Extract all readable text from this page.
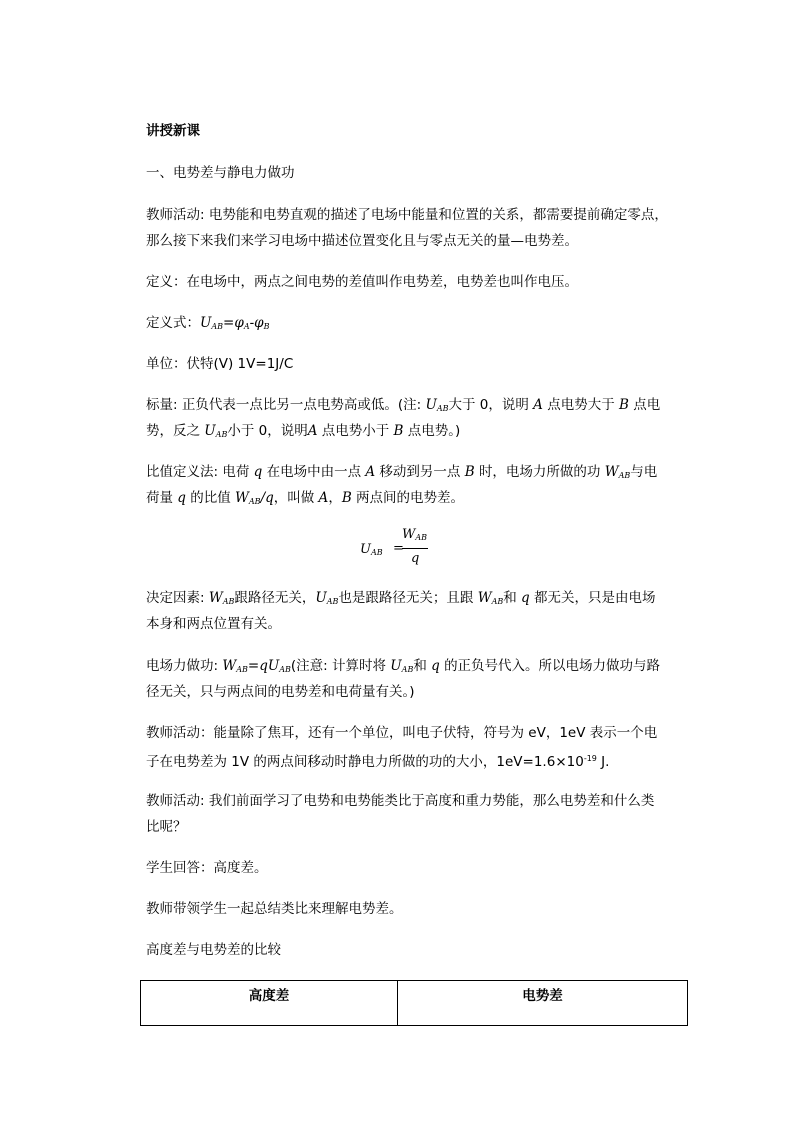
讲授新课
一、电势差与静电力做功
教师活动: 电势能和电势直观的描述了电场中能量和位置的关系，都需要提前确定零点，
那么接下来我们来学习电场中描述位置变化且与零点无关的量—电势差。
定义：在电场中，两点之间电势的差值叫作电势差，电势差也叫作电压。
定义式：$U_{AB}=\varphi_A-\varphi_B$
单位：伏特(V) 1V=1J/C
标量: 正负代表一点比另一点电势高或低。(注: $U_{AB}$大于 0，说明 A 点电势大于 B 点电
势，反之 $U_{AB}$小于 0，说明A 点电势小于 B 点电势。)
比值定义法: 电荷 q 在电场中由一点 A 移动到另一点 B 时，电场力所做的功 $W_{AB}$与电
荷量 q 的比值 $W_{AB}/q$，叫做 A，B 两点间的电势差。
$U_{AB}$ =
$W_{AB}$
q
决定因素: $W_{AB}$跟路径无关，$U_{AB}$也是跟路径无关；且跟 $W_{AB}$和 q 都无关，只是由电场
本身和两点位置有关。
电场力做功: $W_{AB}=qU_{AB}$(注意: 计算时将 $U_{AB}$和 q 的正负号代入。所以电场力做功与路
径无关，只与两点间的电势差和电荷量有关。)
教师活动：能量除了焦耳，还有一个单位，叫电子伏特，符号为 eV，1eV 表示一个电
子在电势差为 1V 的两点间移动时静电力所做的功的大小，$1eV=1.6\times 10^{-19}$ J.
教师活动: 我们前面学习了电势和电势能类比于高度和重力势能，那么电势差和什么类
比呢？
学生回答：高度差。
教师带领学生一起总结类比来理解电势差。
高度差与电势差的比较
高度差	电势差
